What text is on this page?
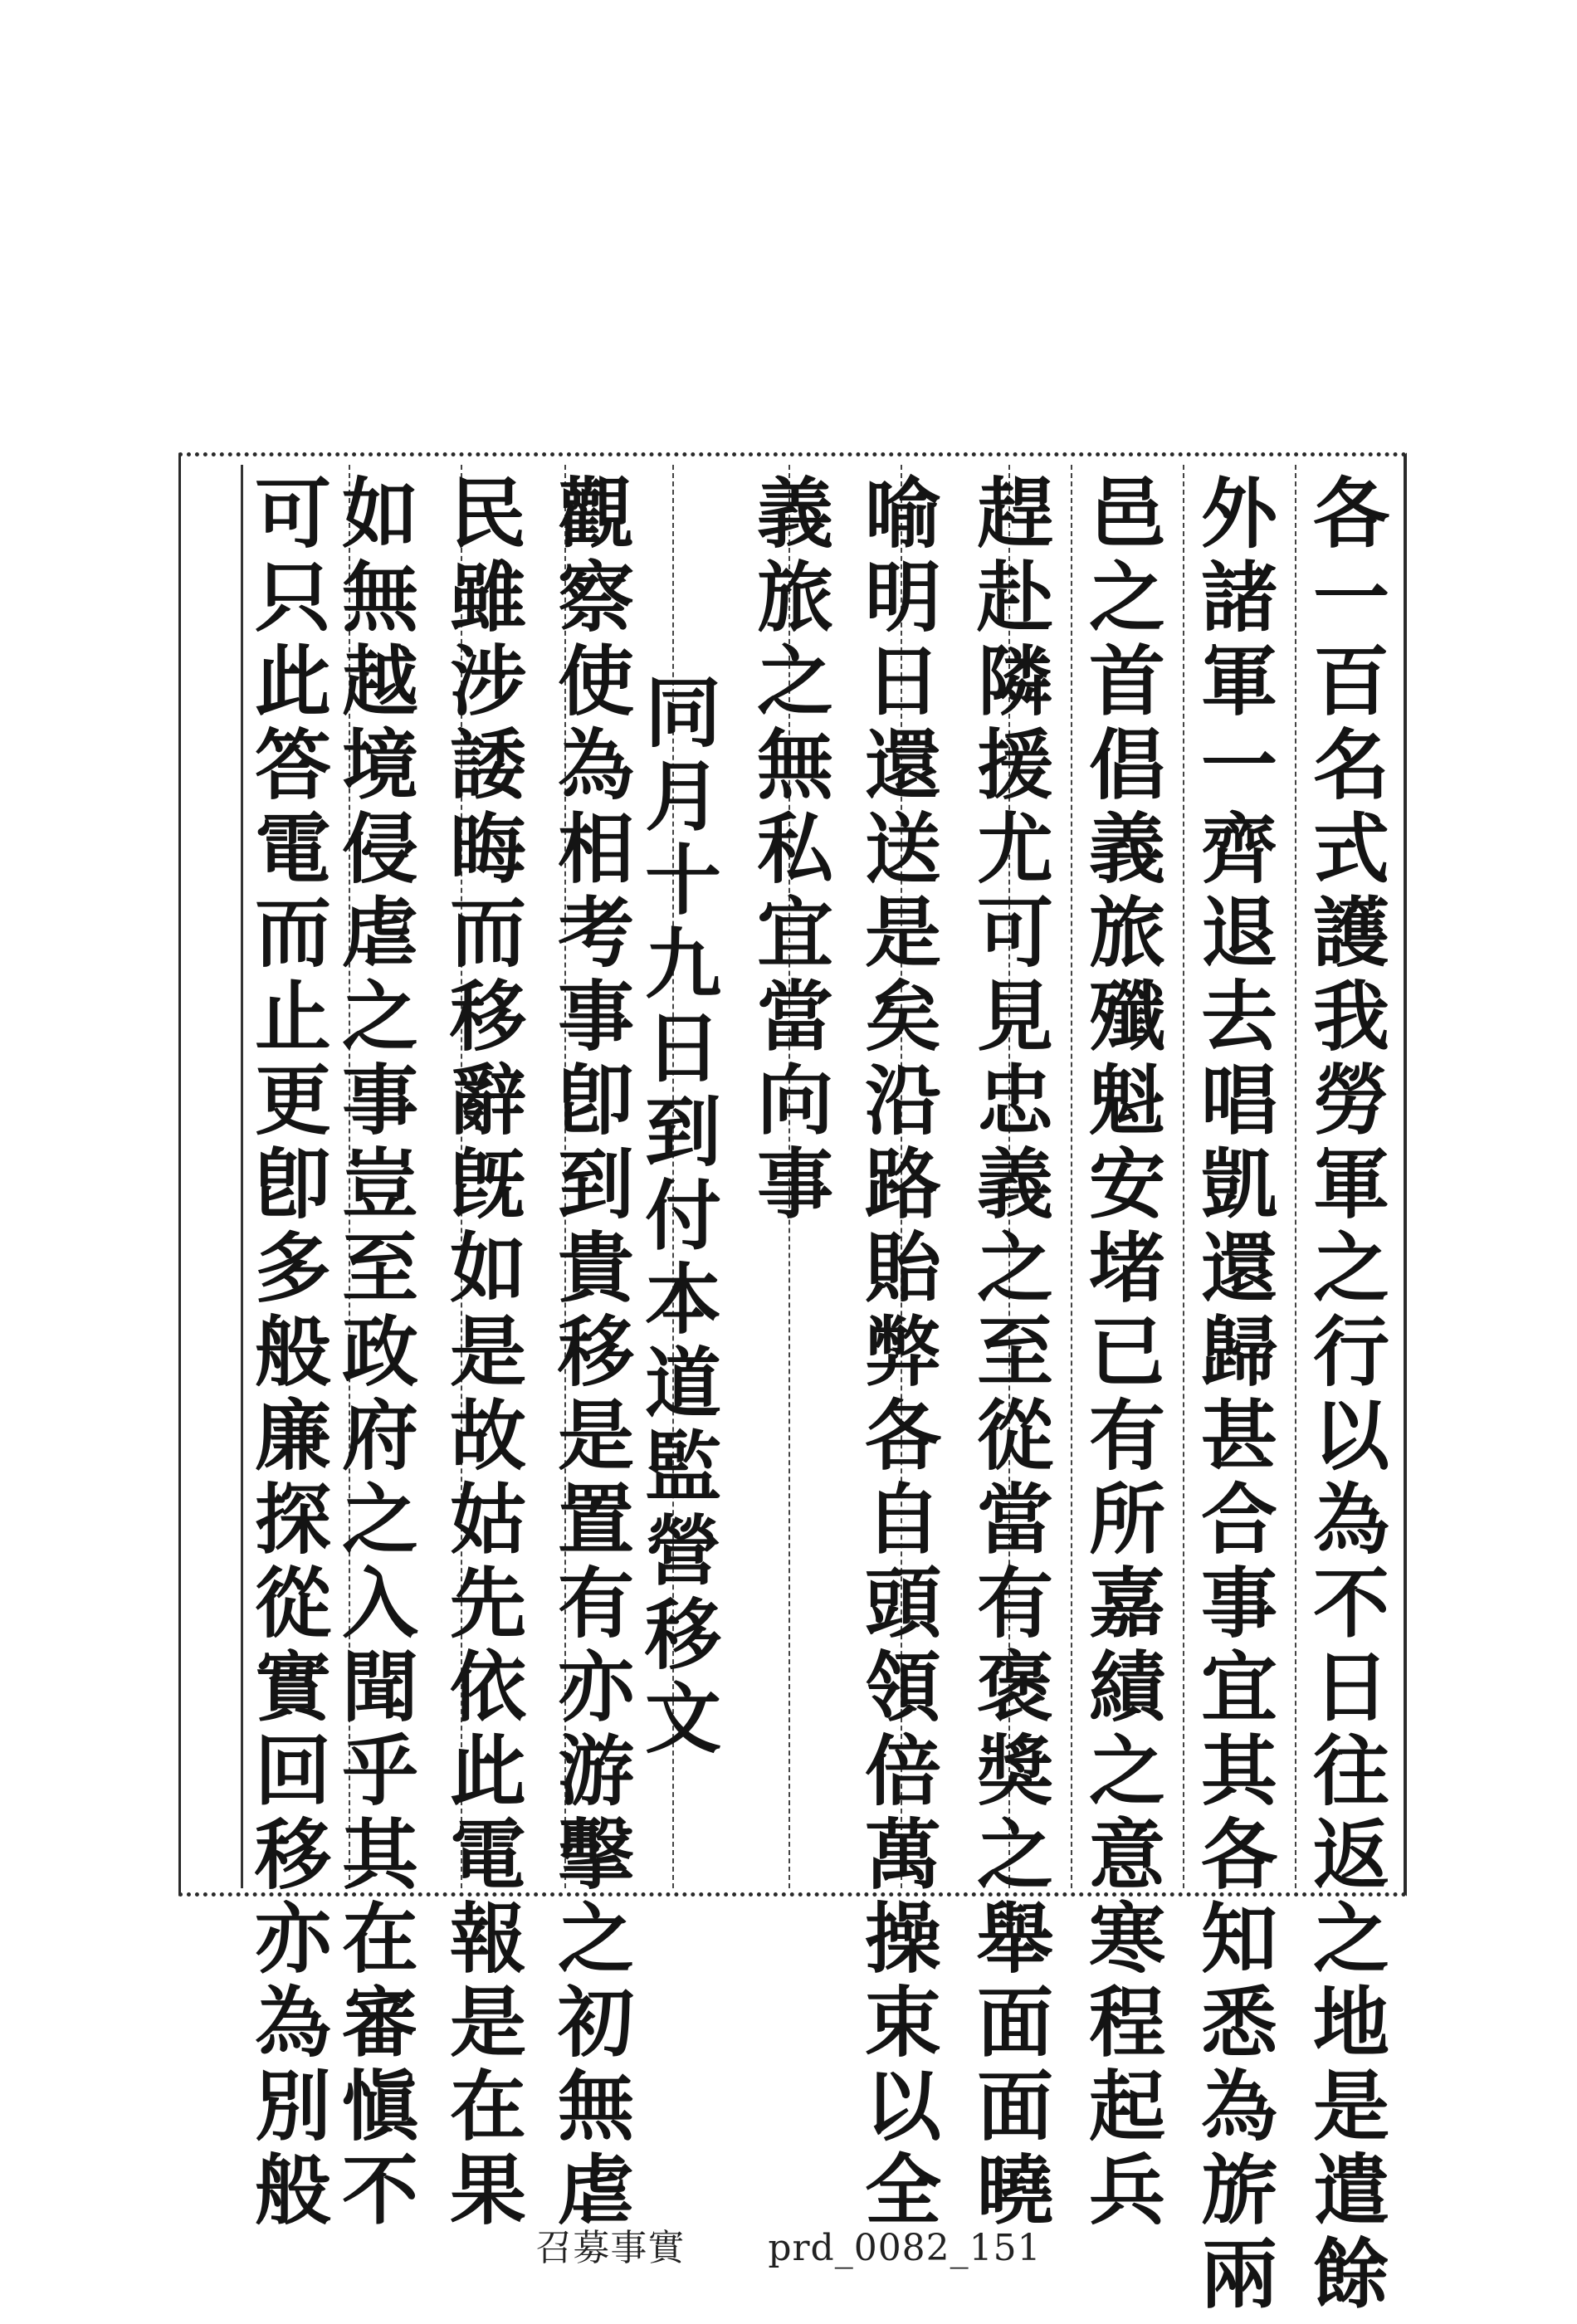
各一百名式護我勞軍之行以為不日往返之地是遣餘
外諸軍一齊退去唱凱還歸甚合事宜其各知悉為旂兩
邑之首倡義旅殲魁安堵已有所嘉績之意寒程起兵
趕赴隣援尤可見忠義之至從當有褒獎之舉面面曉
喻明日還送是矣沿路貽弊各自頭領倍萬操束以全
義旅之無私宜當向事
同月十九日到付本道監營移文
觀察使為相考事卽到貴移是置有亦游擊之初無虐
民雖涉諉晦而移辭旣如是故姑先依此電報是在果
如無越境侵虐之事豈至政府之入聞乎其在審愼不
可只此答電而止更卽多般廉探從實回移亦為別般
召募事實 prd_0082_151
